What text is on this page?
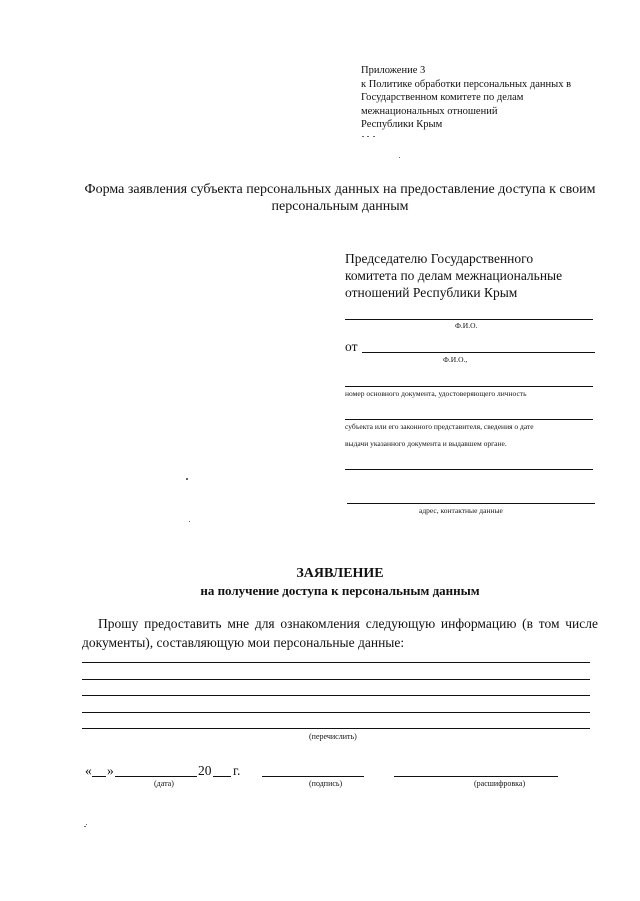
Приложение 3
к Политике обработки персональных данных в
Государственном комитете по делам
межнациональных отношений
Республики Крым
Форма заявления субъекта персональных данных на предоставление доступа к своим персональным данным
Председателю Государственного
комитета по делам межнациональные
отношений Республики Крым
Ф.И.О.
от
Ф.И.О.,
номер основного документа, удостоверяющего личность
субъекта или его законного представителя, сведения о дате
выдачи указанного документа и выдавшем органе.
адрес, контактные данные
ЗАЯВЛЕНИЕ
на получение доступа к персональным данным
Прошу предоставить мне для ознакомления следующую информацию (в том числе документы), составляющую мои персональные данные:
(перечислить)
« »	20 г.
(дата)	(подпись)	(расшифровка)
